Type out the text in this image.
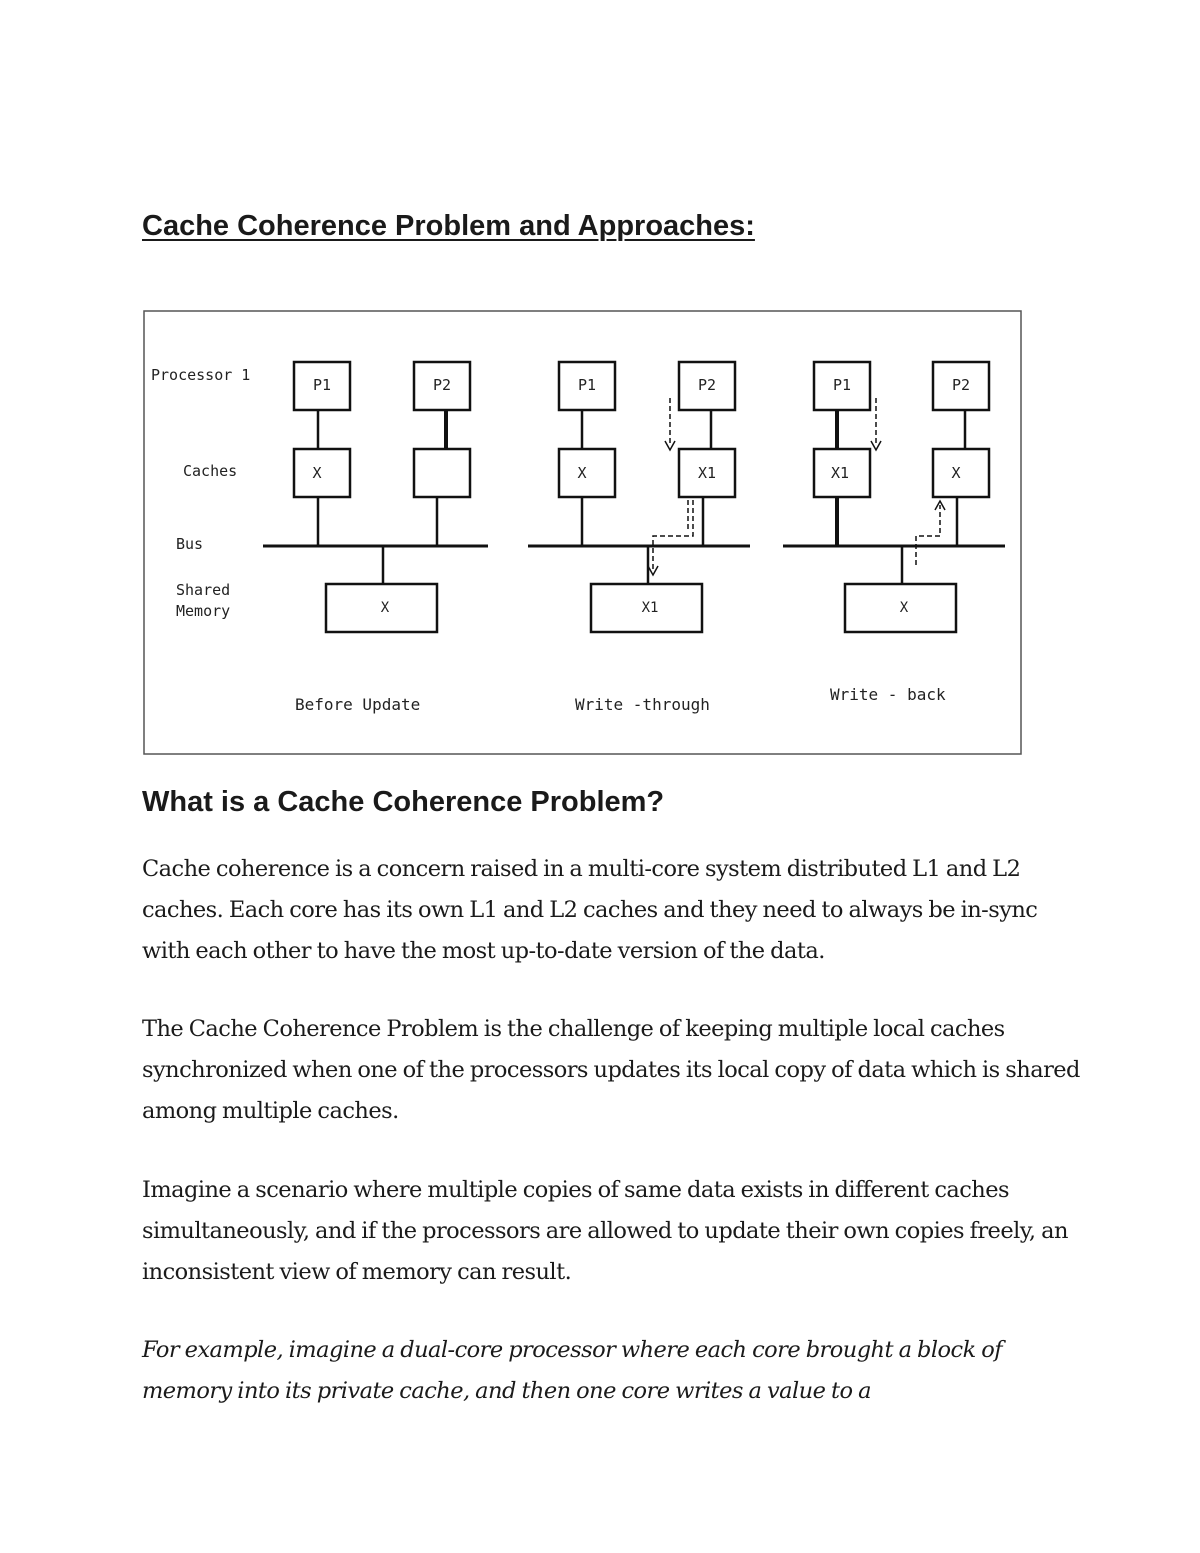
Cache Coherence Problem and Approaches:
Processor 1
Caches
Bus
Shared
Memory
P1	P2
X
X
Before Update
P1	P2
X	X1
X1
Write -through
P1	P2
X1	X
X
Write - back
What is a Cache Coherence Problem?

Cache coherence is a concern raised in a multi-core system distributed L1 and L2 caches. Each core has its own L1 and L2 caches and they need to always be in-sync with each other to have the most up-to-date version of the data.

The Cache Coherence Problem is the challenge of keeping multiple local caches synchronized when one of the processors updates its local copy of data which is shared among multiple caches.

Imagine a scenario where multiple copies of same data exists in different caches simultaneously, and if the processors are allowed to update their own copies freely, an inconsistent view of memory can result.

For example, imagine a dual-core processor where each core brought a block of memory into its private cache, and then one core writes a value to a
